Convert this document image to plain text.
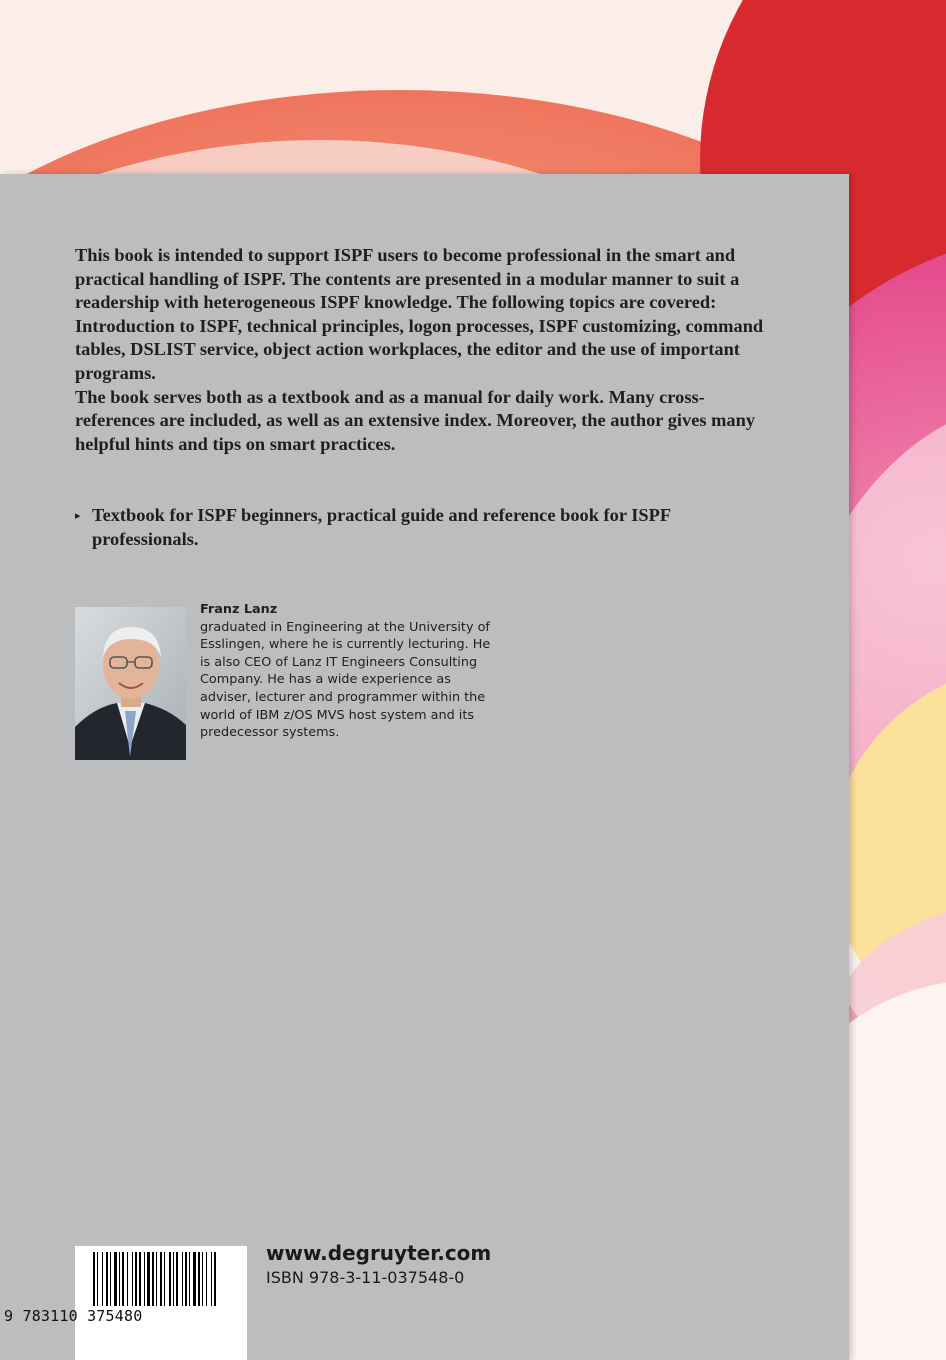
This book is intended to support ISPF users to become professional in the smart and practical handling of ISPF. The contents are presented in a modular manner to suit a readership with heterogeneous ISPF knowledge. The following topics are covered: Introduction to ISPF, technical principles, logon processes, ISPF customizing, command tables, DSLIST service, object action workplaces, the editor and the use of important programs.

The book serves both as a textbook and as a manual for daily work. Many cross-references are included, as well as an extensive index. Moreover, the author gives many helpful hints and tips on smart practices.

▸ Textbook for ISPF beginners, practical guide and reference book for ISPF professionals.
Franz Lanz
graduated in Engineering at the University of Esslingen, where he is currently lecturing. He is also CEO of Lanz IT Engineers Consulting Company. He has a wide experience as adviser, lecturer and programmer within the world of IBM z/OS MVS host system and its predecessor systems.
9 783110 375480
www.degruyter.com
ISBN 978-3-11-037548-0
